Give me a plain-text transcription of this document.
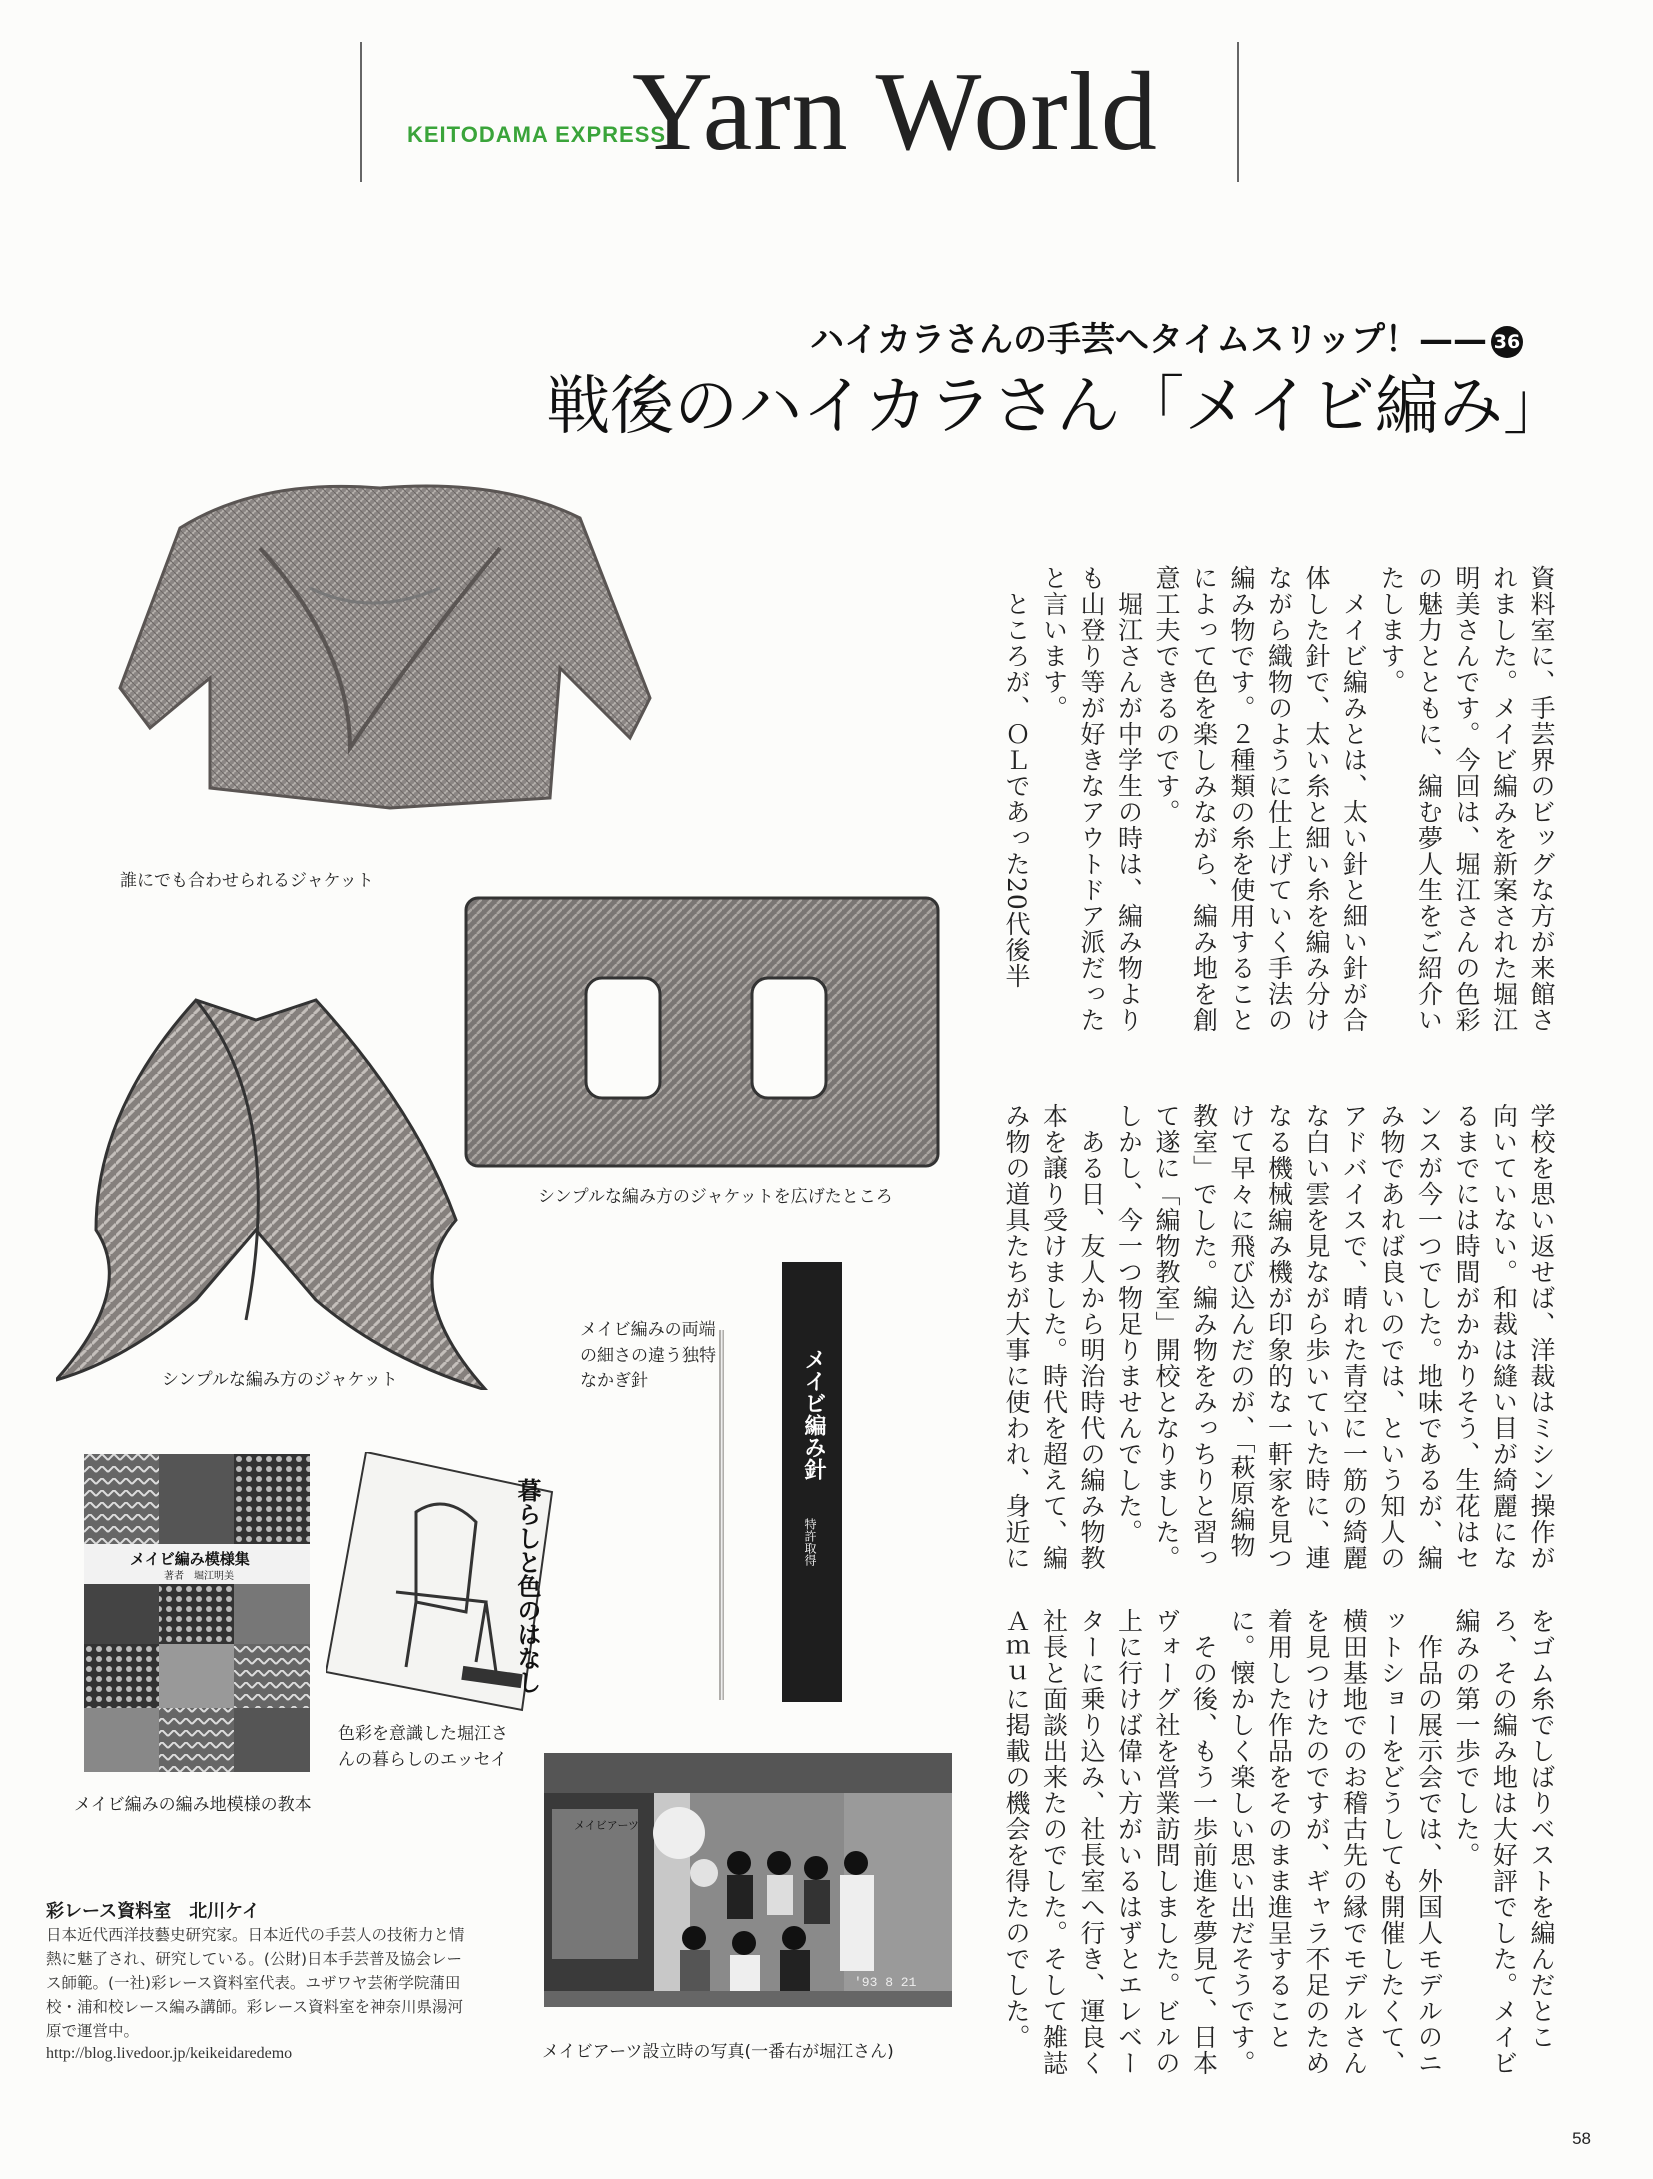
KEITODAMA EXPRESS
Yarn World
ハイカラさんの手芸へタイムスリップ！—— 36
戦後のハイカラさん「メイビ編み」
資料室に、手芸界のビッグな方が来館されました。メイビ編みを新案された堀江明美さんです。今回は、堀江さんの色彩の魅力とともに、編む夢人生をご紹介いたします。
　メイビ編みとは、太い針と細い針が合体した針で、太い糸と細い糸を編み分けながら織物のように仕上げていく手法の編み物です。２種類の糸を使用することによって色を楽しみながら、編み地を創意工夫できるのです。
　堀江さんが中学生の時は、編み物よりも山登り等が好きなアウトドア派だったと言います。
　ところが、ＯＬであった20代後半
学校を思い返せば、洋裁はミシン操作が向いていない。和裁は縫い目が綺麗になるまでには時間がかかりそう、生花はセンスが今一つでした。地味であるが、編み物であれば良いのでは、という知人のアドバイスで、晴れた青空に一筋の綺麗な白い雲を見ながら歩いていた時に、連なる機械編み機が印象的な一軒家を見つけて早々に飛び込んだのが、「萩原編物教室」でした。編み物をみっちりと習って遂に「編物教室」開校となりました。しかし、今一つ物足りませんでした。
　ある日、友人から明治時代の編み物教本を譲り受けました。時代を超えて、編み物の道具たちが大事に使われ、身近に
をゴム糸でしばりベストを編んだところ、その編み地は大好評でした。メイビ編みの第一歩でした。
　作品の展示会では、外国人モデルのニットショーをどうしても開催したくて、横田基地でのお稽古先の縁でモデルさんを見つけたのですが、ギャラ不足のため着用した作品をそのまま進呈することに。懐かしく楽しい思い出だそうです。
　その後、もう一歩前進を夢見て、日本ヴォーグ社を営業訪問しました。ビルの上に行けば偉い方がいるはずとエレベーターに乗り込み、社長室へ行き、運良く社長と面談出来たのでした。そして雑誌Ａｍｕに掲載の機会を得たのでした。

誰にでも合わせられるジャケット
シンプルな編み方のジャケットを広げたところ
シンプルな編み方のジャケット
メイビ編みの両端
の細さの違う独特
なかぎ針	メイビ編み針
特許取得
メイビ編み模様集
著者　堀江明美
メイビ編みの編み地模様の教本
暮らしと色のはなし
色彩を意識した堀江さ
んの暮らしのエッセイ
メイビアーツ
'93 8 21
メイビアーツ設立時の写真(一番右が堀江さん)
彩レース資料室　北川ケイ
日本近代西洋技藝史研究家。日本近代の手芸人の技術力と情熱に魅了され、研究している。(公財)日本手芸普及協会レース師範。(一社)彩レース資料室代表。ユザワヤ芸術学院蒲田校・浦和校レース編み講師。彩レース資料室を神奈川県湯河原で運営中。
http://blog.livedoor.jp/keikeidaredemo
58
